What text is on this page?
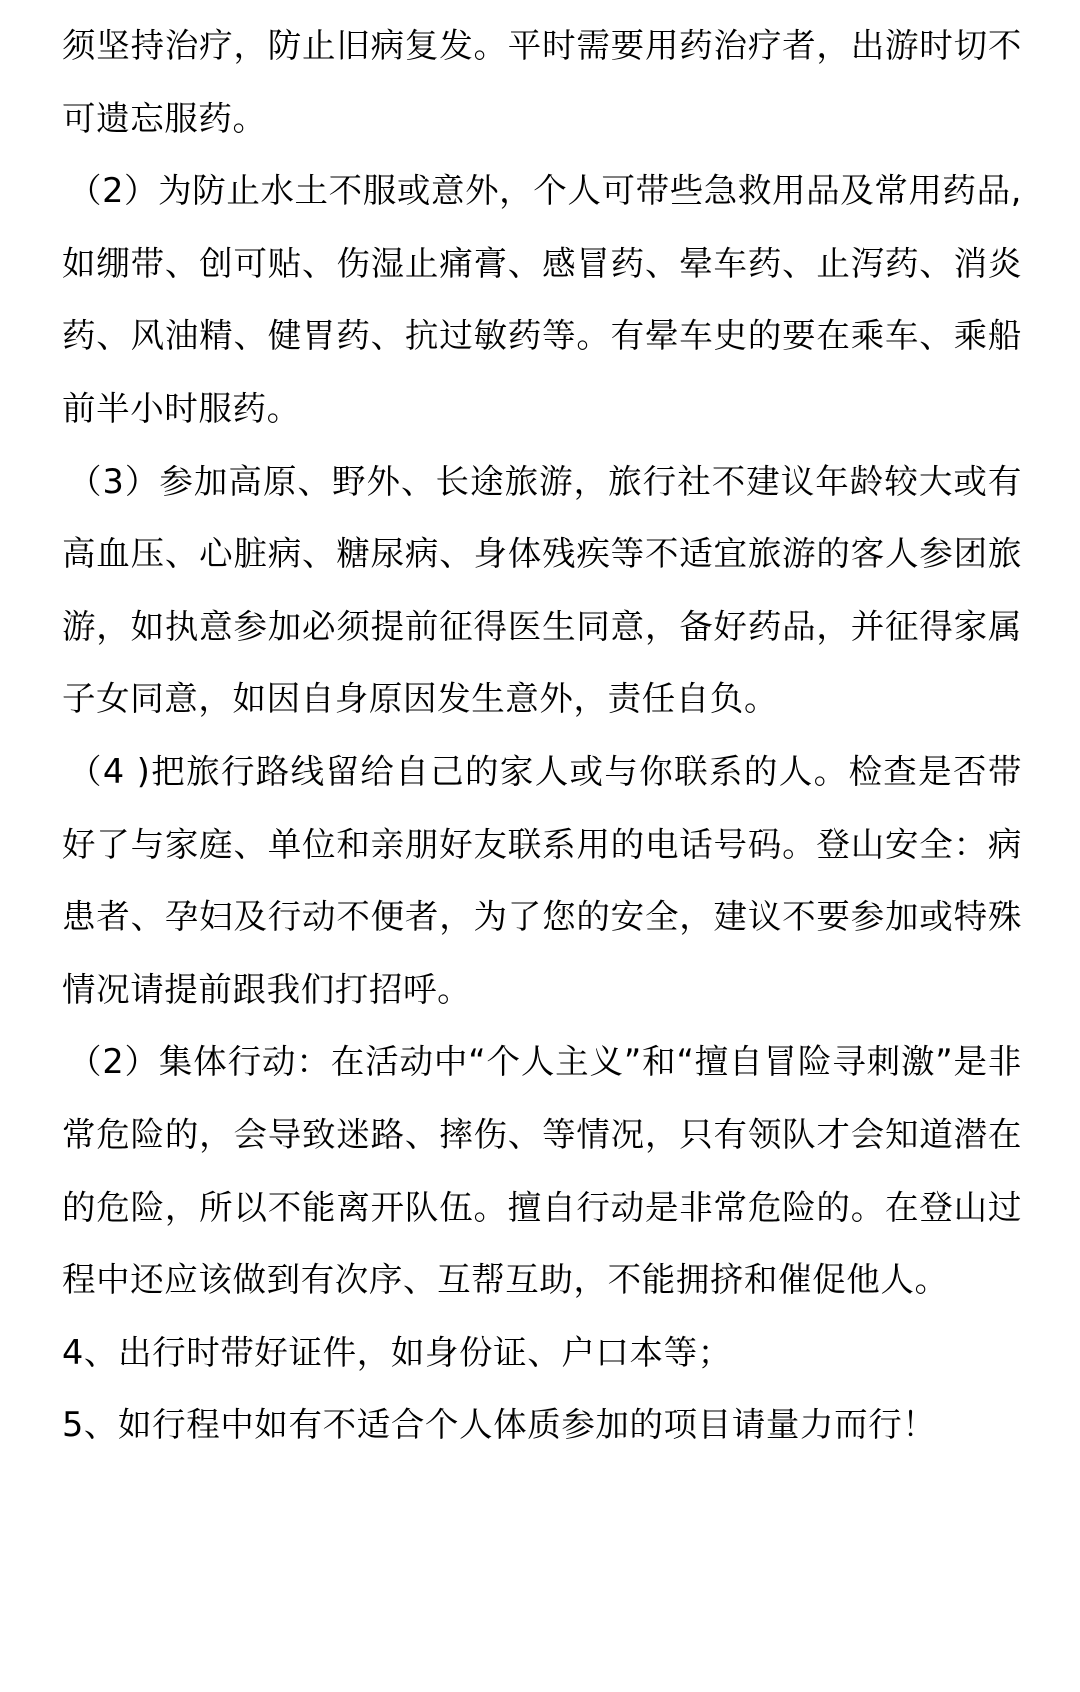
须坚持治疗，防止旧病复发。平时需要用药治疗者，出游时切不可遗忘服药。

（2）为防止水土不服或意外，个人可带些急救用品及常用药品,如绷带、创可贴、伤湿止痛膏、感冒药、晕车药、止泻药、消炎药、风油精、健胃药、抗过敏药等。有晕车史的要在乘车、乘船前半小时服药。

（3）参加高原、野外、长途旅游，旅行社不建议年龄较大或有高血压、心脏病、糖尿病、身体残疾等不适宜旅游的客人参团旅游，如执意参加必须提前征得医生同意，备好药品，并征得家属子女同意，如因自身原因发生意外，责任自负。

（4 )把旅行路线留给自己的家人或与你联系的人。检查是否带好了与家庭、单位和亲朋好友联系用的电话号码。登山安全：病患者、孕妇及行动不便者，为了您的安全，建议不要参加或特殊情况请提前跟我们打招呼。

（2）集体行动：在活动中“个人主义”和“擅自冒险寻刺激”是非常危险的，会导致迷路、摔伤、等情况，只有领队才会知道潜在的危险，所以不能离开队伍。擅自行动是非常危险的。在登山过程中还应该做到有次序、互帮互助，不能拥挤和催促他人。

4、出行时带好证件，如身份证、户口本等；

5、如行程中如有不适合个人体质参加的项目请量力而行！
